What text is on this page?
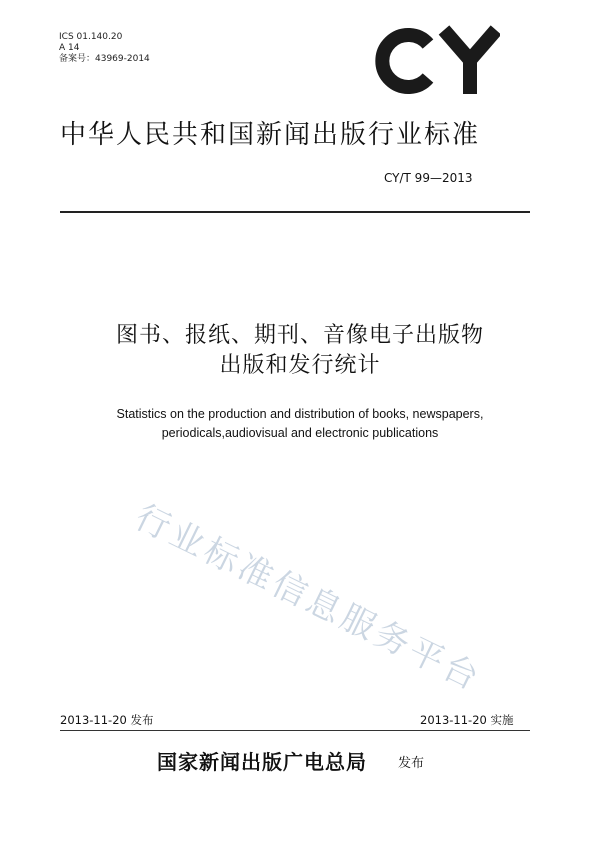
ICS 01.140.20
A 14
备案号：43969-2014
中华人民共和国新闻出版行业标准
CY/T 99—2013
图书、报纸、期刊、音像电子出版物
出版和发行统计
Statistics on the production and distribution of books, newspapers,
periodicals,audiovisual and electronic publications
行业标准信息服务平台
2013-11-20 发布	2013-11-20 实施
国家新闻出版广电总局 发布
